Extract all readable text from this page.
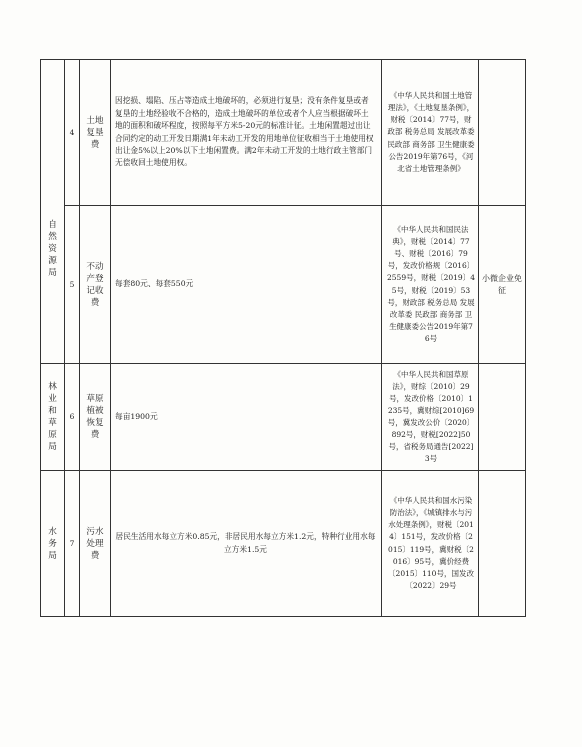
自然资源局	4	土地复垦费	因挖损、塌陷、压占等造成土地破坏的，必须进行复垦；没有条件复垦或者复垦的土地经验收不合格的，造成土地破坏的单位或者个人应当根据破坏土地的面积和破坏程度，按照每平方米5-20元的标准计征。土地闲置超过出让合同约定的动工开发日期满1年未动工开发的用地单位征收相当于土地使用权出让金5%以上20%以下土地闲置费。满2年未动工开发的土地行政主管部门无偿收回土地使用权。	《中华人民共和国土地管理法》，《土地复垦条例》，财税〔2014〕77号，财政部 税务总局 发展改革委 民政部 商务部 卫生健康委公告2019年第76号，《河北省土地管理条例》	

	5	不动产登记收费	每套80元、每套550元	《中华人民共和国民法典》，财税〔2014〕77号、财税〔2016〕79号，发改价格规〔2016〕2559号，财税〔2019〕45号，财税〔2019〕53号，财政部 税务总局 发展改革委 民政部 商务部 卫生健康委公告2019年第76号	小微企业免征

林业和草原局	6	草原植被恢复费	每亩1900元	《中华人民共和国草原法》，财综〔2010〕29号，发改价格〔2010〕1235号，冀财综[2010]69号，冀发改公价〔2020〕892号，财税[2022]50号，省税务局通告[2022]3号	

水务局	7	污水处理费	居民生活用水每立方米0.85元，非居民用水每立方米1.2元，特种行业用水每立方米1.5元	《中华人民共和国水污染防治法》，《城镇排水与污水处理条例》，财税〔2014〕151号，发改价格〔2015〕119号，冀财税〔2016〕95号，冀价经费〔2015〕110号，国发改〔2022〕29号	
